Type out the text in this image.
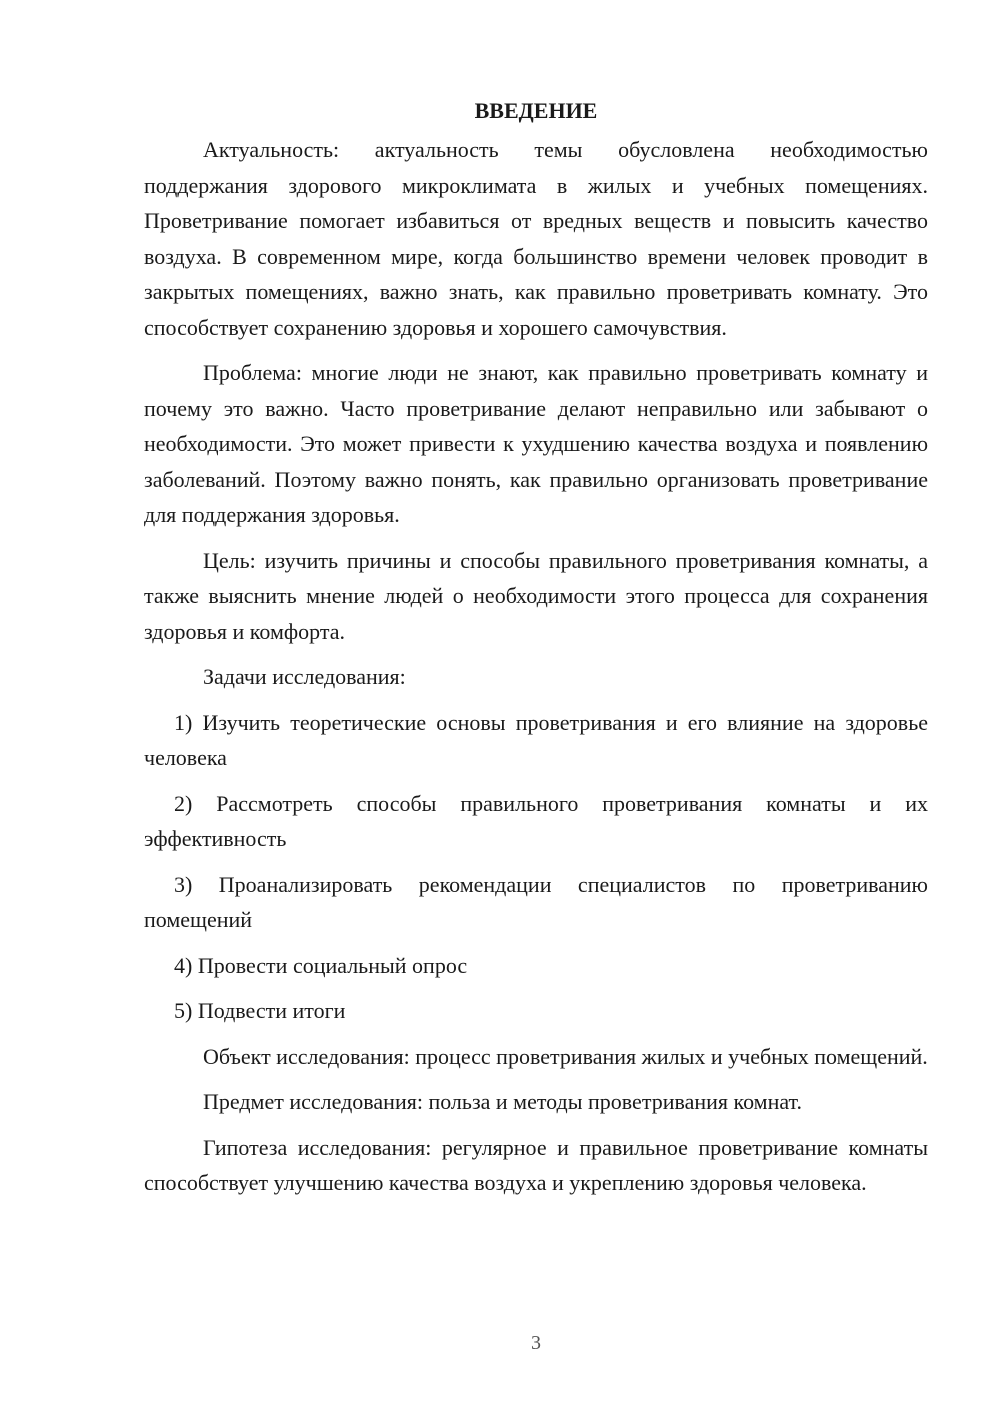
ВВЕДЕНИЕ

Актуальность: актуальность темы обусловлена необходимостью поддержания здорового микроклимата в жилых и учебных помещениях. Проветривание помогает избавиться от вредных веществ и повысить качество воздуха. В современном мире, когда большинство времени человек проводит в закрытых помещениях, важно знать, как правильно проветривать комнату. Это способствует сохранению здоровья и хорошего самочувствия.

Проблема: многие люди не знают, как правильно проветривать комнату и почему это важно. Часто проветривание делают неправильно или забывают о необходимости. Это может привести к ухудшению качества воздуха и появлению заболеваний. Поэтому важно понять, как правильно организовать проветривание для поддержания здоровья.

Цель: изучить причины и способы правильного проветривания комнаты, а также выяснить мнение людей о необходимости этого процесса для сохранения здоровья и комфорта.

Задачи исследования:

1) Изучить теоретические основы проветривания и его влияние на здоровье человека

2) Рассмотреть способы правильного проветривания комнаты и их эффективность

3) Проанализировать рекомендации специалистов по проветриванию помещений

4) Провести социальный опрос

5) Подвести итоги

Объект исследования: процесс проветривания жилых и учебных помещений.

Предмет исследования: польза и методы проветривания комнат.

Гипотеза исследования: регулярное и правильное проветривание комнаты способствует улучшению качества воздуха и укреплению здоровья человека.

3
